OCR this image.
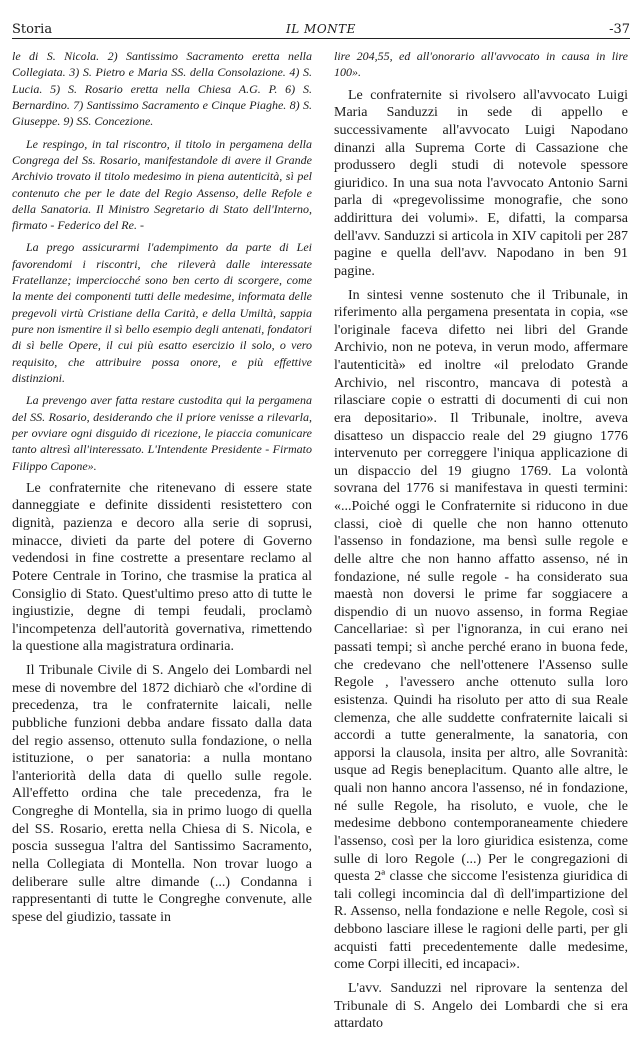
Storia	IL MONTE	-37

le di S. Nicola. 2) Santissimo Sacramento eretta nella Collegiata. 3) S. Pietro e Maria SS. della Consolazione. 4) S. Lucia. 5) S. Rosario eretta nella Chiesa A.G. P. 6) S. Bernardino. 7) Santissimo Sacramento e Cinque Piaghe. 8) S. Giuseppe. 9) SS. Concezione.

Le respingo, in tal riscontro, il titolo in pergamena della Congrega del Ss. Rosario, manifestandole di avere il Grande Archivio trovato il titolo medesimo in piena autenticità, sì pel contenuto che per le date del Regio Assenso, delle Refole e della Sanatoria. Il Ministro Segretario di Stato dell'Interno, firmato - Federico del Re. -

La prego assicurarmi l'adempimento da parte di Lei favorendomi i riscontri, che rileverà dalle interessate Fratellanze; imperciocché sono ben certo di scorgere, come la mente dei componenti tutti delle medesime, informata delle pregevoli virtù Cristiane della Carità, e della Umiltà, sappia pure non ismentire il sì bello esempio degli antenati, fondatori di sì belle Opere, il cui più esatto esercizio il solo, o vero requisito, che attribuire possa onore, e più effettive distinzioni.

La prevengo aver fatta restare custodita qui la pergamena del SS. Rosario, desiderando che il priore venisse a rilevarla, per ovviare ogni disguido di ricezione, le piaccia comunicare tanto altresì all'interessato. L'Intendente Presidente - Firmato Filippo Capone».

Le confraternite che ritenevano di essere state danneggiate e definite dissidenti resistettero con dignità, pazienza e decoro alla serie di soprusi, minacce, divieti da parte del potere di Governo vedendosi in fine costrette a presentare reclamo al Potere Centrale in Torino, che trasmise la pratica al Consiglio di Stato. Quest'ultimo preso atto di tutte le ingiustizie, degne di tempi feudali, proclamò l'incompetenza dell'autorità governativa, rimettendo la questione alla magistratura ordinaria.

Il Tribunale Civile di S. Angelo dei Lombardi nel mese di novembre del 1872 dichiarò che «l'ordine di precedenza, tra le confraternite laicali, nelle pubbliche funzioni debba andare fissato dalla data del regio assenso, ottenuto sulla fondazione, o nella istituzione, o per sanatoria: a nulla montano l'anteriorità della data di quello sulle regole. All'effetto ordina che tale precedenza, fra le Congreghe di Montella, sia in primo luogo di quella del SS. Rosario, eretta nella Chiesa di S. Nicola, e poscia susseguа l'altra del Santissimo Sacramento, nella Collegiata di Montella. Non trovar luogo a deliberare sulle altre dimande (...) Condanna i rappresentanti di tutte le Congreghe convenute, alle spese del giudizio, tassate in

lire 204,55, ed all'onorario all'avvocato in causa in lire 100».

Le confraternite si rivolsero all'avvocato Luigi Maria Sanduzzi in sede di appello e successivamente all'avvocato Luigi Napodano dinanzi alla Suprema Corte di Cassazione che produssero degli studi di notevole spessore giuridico. In una sua nota l'avvocato Antonio Sarni parla di «pregevolissime monografie, che sono addirittura dei volumi». E, difatti, la comparsa dell'avv. Sanduzzi si articola in XIV capitoli per 287 pagine e quella dell'avv. Napodano in ben 91 pagine.

In sintesi venne sostenuto che il Tribunale, in riferimento alla pergamena presentata in copia, «se l'originale faceva difetto nei libri del Grande Archivio, non ne poteva, in verun modo, affermare l'autenticità» ed inoltre «il prelodato Grande Archivio, nel riscontro, mancava di potestà a rilasciare copie o estratti di documenti di cui non era depositario». Il Tribunale, inoltre, aveva disatteso un dispaccio reale del 29 giugno 1776 intervenuto per correggere l'iniqua applicazione di un dispaccio del 19 giugno 1769. La volontà sovrana del 1776 si manifestava in questi termini: «...Poiché oggi le Confraternite si riducono in due classi, cioè di quelle che non hanno ottenuto l'assenso in fondazione, ma bensì sulle regole e delle altre che non hanno affatto assenso, né in fondazione, né sulle regole - ha considerato sua maestà non doversi le prime far soggiacere a dispendio di un nuovo assenso, in forma Regiae Cancellariae: sì per l'ignoranza, in cui erano nei passati tempi; sì anche perché erano in buona fede, che credevano che nell'ottenere l'Assenso sulle Regole , l'avessero anche ottenuto sulla loro esistenza. Quindi ha risoluto per atto di sua Reale clemenza, che alle suddette confraternite laicali si accordi a tutte generalmente, la sanatoria, con apporsi la clausola, insita per altro, alle Sovranità: usque ad Regis beneplacitum. Quanto alle altre, le quali non hanno ancora l'assenso, né in fondazione, né sulle Regole, ha risoluto, e vuole, che le medesime debbono contemporaneamente chiedere l'assenso, così per la loro giuridica esistenza, come sulle di loro Regole (...) Per le congregazioni di questa 2ª classe che siccome l'esistenza giuridica di tali collegi incomincia dal dì dell'impartizione del R. Assenso, nella fondazione e nelle Regole, così si debbono lasciare illese le ragioni delle parti, per gli acquisti fatti precedentemente dalle medesime, come Corpi illeciti, ed incapaci».

L'avv. Sanduzzi nel riprovare la sentenza del Tribunale di S. Angelo dei Lombardi che si era attardato
